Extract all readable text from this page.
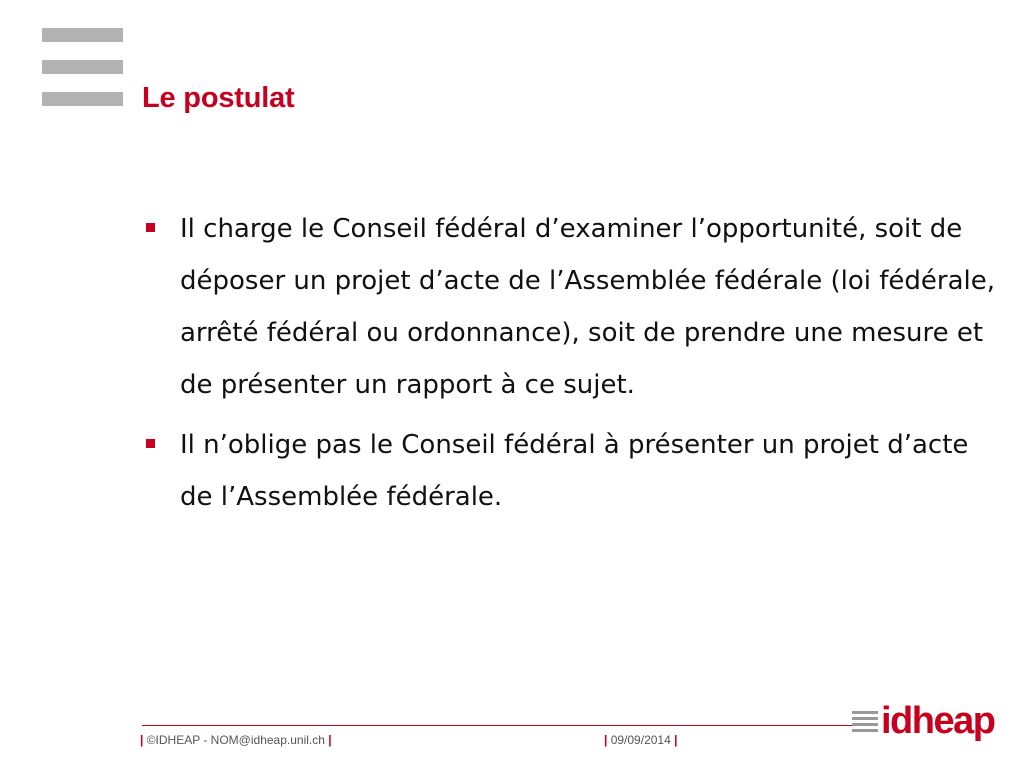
Le postulat
Il charge le Conseil fédéral d’examiner l’opportunité, soit de déposer un projet d’acte de l’Assemblée fédérale (loi fédérale, arrêté fédéral ou ordonnance), soit de prendre une mesure et de présenter un rapport à ce sujet.
Il n’oblige pas le Conseil fédéral à présenter un projet d’acte de l’Assemblée fédérale.
| ©IDHEAP - NOM@idheap.unil.ch |	| 09/09/2014 |	idheap
